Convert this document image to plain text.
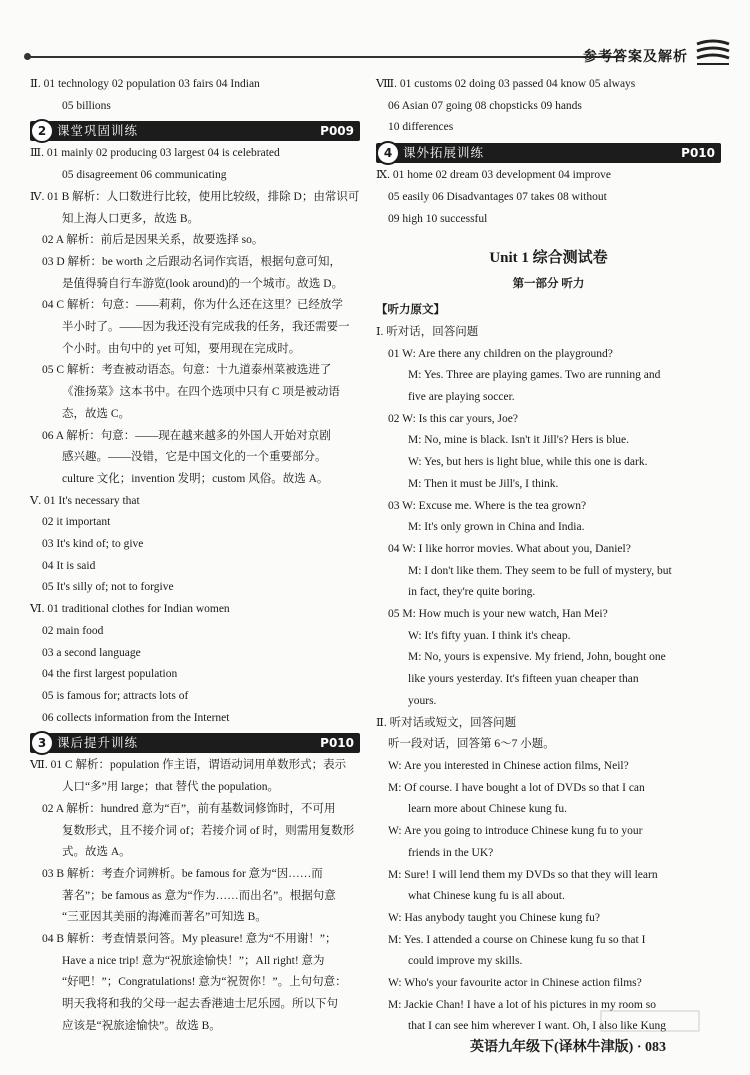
参考答案及解析
Ⅱ. 01 technology 02 population 03 fairs 04 Indian
05 billions
2 课堂巩固训练	P009
Ⅲ. 01 mainly 02 producing 03 largest 04 is celebrated
05 disagreement 06 communicating
Ⅳ. 01 B 解析：人口数进行比较，使用比较级，排除 D；由常识可
知上海人口更多，故选 B。
02 A 解析：前后是因果关系，故要选择 so。
03 D 解析：be worth 之后跟动名词作宾语，根据句意可知，
是值得骑自行车游览(look around)的一个城市。故选 D。
04 C 解析：句意：——莉莉，你为什么还在这里？已经放学
半小时了。——因为我还没有完成我的任务，我还需要一
个小时。由句中的 yet 可知，要用现在完成时。
05 C 解析：考查被动语态。句意：十九道泰州菜被选进了
《淮扬菜》这本书中。在四个选项中只有 C 项是被动语
态，故选 C。
06 A 解析：句意：——现在越来越多的外国人开始对京剧
感兴趣。——没错，它是中国文化的一个重要部分。
culture 文化；invention 发明；custom 风俗。故选 A。
Ⅴ. 01 It's necessary that
02 it important
03 It's kind of; to give
04 It is said
05 It's silly of; not to forgive
Ⅵ. 01 traditional clothes for Indian women
02 main food
03 a second language
04 the first largest population
05 is famous for; attracts lots of
06 collects information from the Internet
3 课后提升训练	P010
Ⅶ. 01 C 解析：population 作主语，谓语动词用单数形式；表示
人口“多”用 large；that 替代 the population。
02 A 解析：hundred 意为“百”，前有基数词修饰时，不可用
复数形式，且不接介词 of；若接介词 of 时，则需用复数形
式。故选 A。
03 B 解析：考查介词辨析。be famous for 意为“因……而
著名”；be famous as 意为“作为……而出名”。根据句意
“三亚因其美丽的海滩而著名”可知选 B。
04 B 解析：考查情景问答。My pleasure! 意为“不用谢！”；
Have a nice trip! 意为“祝旅途愉快！”；All right! 意为
“好吧！”；Congratulations! 意为“祝贺你！”。上句句意：
明天我将和我的父母一起去香港迪士尼乐园。所以下句
应该是“祝旅途愉快”。故选 B。
Ⅷ. 01 customs 02 doing 03 passed 04 know 05 always
06 Asian 07 going 08 chopsticks 09 hands
10 differences
4 课外拓展训练	P010
Ⅸ. 01 home 02 dream 03 development 04 improve
05 easily 06 Disadvantages 07 takes 08 without
09 high 10 successful
Unit 1 综合测试卷
第一部分 听力
【听力原文】
Ⅰ. 听对话，回答问题
01 W: Are there any children on the playground?
M: Yes. Three are playing games. Two are running and
five are playing soccer.
02 W: Is this car yours, Joe?
M: No, mine is black. Isn't it Jill's? Hers is blue.
W: Yes, but hers is light blue, while this one is dark.
M: Then it must be Jill's, I think.
03 W: Excuse me. Where is the tea grown?
M: It's only grown in China and India.
04 W: I like horror movies. What about you, Daniel?
M: I don't like them. They seem to be full of mystery, but
in fact, they're quite boring.
05 M: How much is your new watch, Han Mei?
W: It's fifty yuan. I think it's cheap.
M: No, yours is expensive. My friend, John, bought one
like yours yesterday. It's fifteen yuan cheaper than
yours.
Ⅱ. 听对话或短文，回答问题
听一段对话，回答第 6～7 小题。
W: Are you interested in Chinese action films, Neil?
M: Of course. I have bought a lot of DVDs so that I can
learn more about Chinese kung fu.
W: Are you going to introduce Chinese kung fu to your
friends in the UK?
M: Sure! I will lend them my DVDs so that they will learn
what Chinese kung fu is all about.
W: Has anybody taught you Chinese kung fu?
M: Yes. I attended a course on Chinese kung fu so that I
could improve my skills.
W: Who's your favourite actor in Chinese action films?
M: Jackie Chan! I have a lot of his pictures in my room so
that I can see him wherever I want. Oh, I also like Kung
英语九年级下(译林牛津版) · 083
